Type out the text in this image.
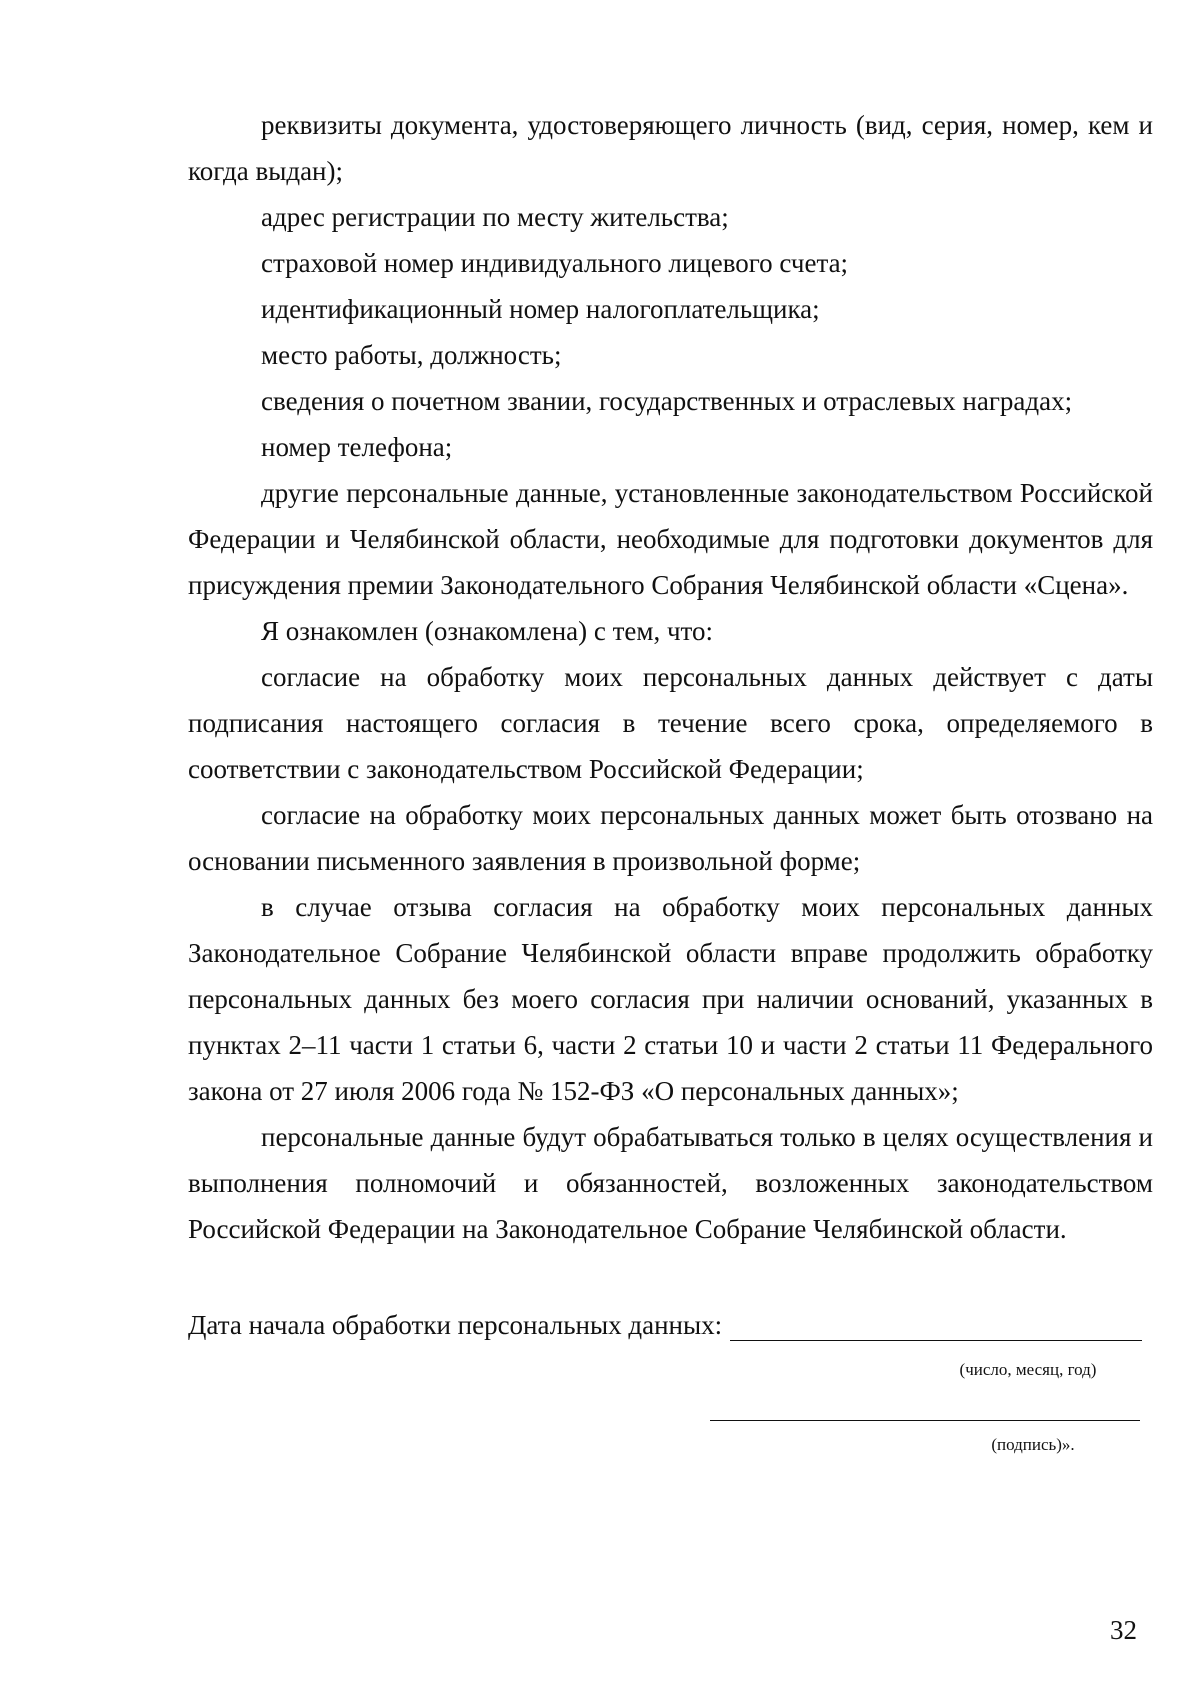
реквизиты документа, удостоверяющего личность (вид, серия, номер, кем и когда выдан);

адрес регистрации по месту жительства;

страховой номер индивидуального лицевого счета;

идентификационный номер налогоплательщика;

место работы, должность;

сведения о почетном звании, государственных и отраслевых наградах;

номер телефона;

другие персональные данные, установленные законодательством Российской Федерации и Челябинской области, необходимые для подготовки документов для присуждения премии Законодательного Собрания Челябинской области «Сцена».

Я ознакомлен (ознакомлена) с тем, что:

согласие на обработку моих персональных данных действует с даты подписания настоящего согласия в течение всего срока, определяемого в соответствии с законодательством Российской Федерации;

согласие на обработку моих персональных данных может быть отозвано на основании письменного заявления в произвольной форме;

в случае отзыва согласия на обработку моих персональных данных Законодательное Собрание Челябинской области вправе продолжить обработку персональных данных без моего согласия при наличии оснований, указанных в пунктах 2–11 части 1 статьи 6, части 2 статьи 10 и части 2 статьи 11 Федерального закона от 27 июля 2006 года № 152-ФЗ «О персональных данных»;

персональные данные будут обрабатываться только в целях осуществления и выполнения полномочий и обязанностей, возложенных законодательством Российской Федерации на Законодательное Собрание Челябинской области.

Дата начала обработки персональных данных:
(число, месяц, год)
(подпись)».
32
